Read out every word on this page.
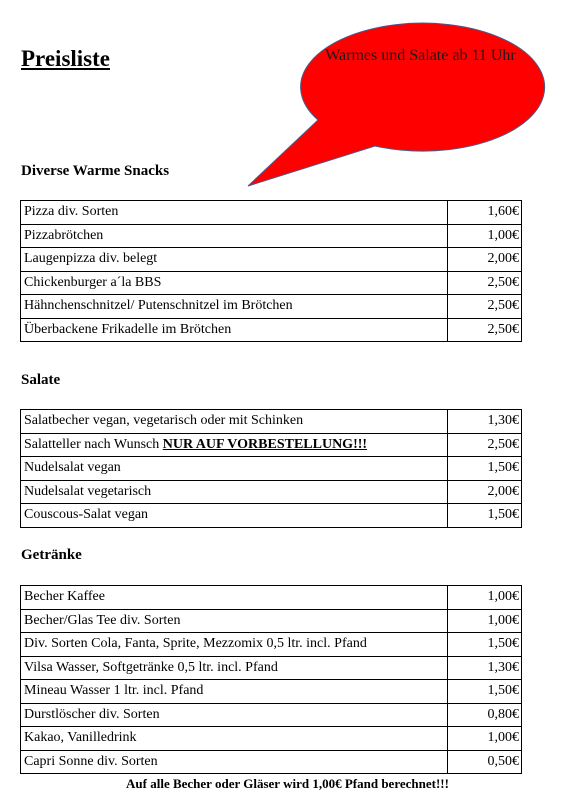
Preisliste	Warmes und Salate ab 11 Uhr
Diverse Warme Snacks
Pizza div. Sorten	1,60€
Pizzabrötchen	1,00€
Laugenpizza div. belegt	2,00€
Chickenburger a´la BBS	2,50€
Hähnchenschnitzel/ Putenschnitzel im Brötchen	2,50€
Überbackene Frikadelle im Brötchen	2,50€
Salate
Salatbecher vegan, vegetarisch oder mit Schinken	1,30€
Salatteller nach Wunsch NUR AUF VORBESTELLUNG!!!	2,50€
Nudelsalat vegan	1,50€
Nudelsalat vegetarisch	2,00€
Couscous-Salat vegan	1,50€
Getränke
Becher Kaffee	1,00€
Becher/Glas Tee div. Sorten	1,00€
Div. Sorten Cola, Fanta, Sprite, Mezzomix 0,5 ltr. incl. Pfand	1,50€
Vilsa Wasser, Softgetränke 0,5 ltr. incl. Pfand	1,30€
Mineau Wasser 1 ltr. incl. Pfand	1,50€
Durstlöscher div. Sorten	0,80€
Kakao, Vanilledrink	1,00€
Capri Sonne div. Sorten	0,50€
Auf alle Becher oder Gläser wird 1,00€ Pfand berechnet!!!
